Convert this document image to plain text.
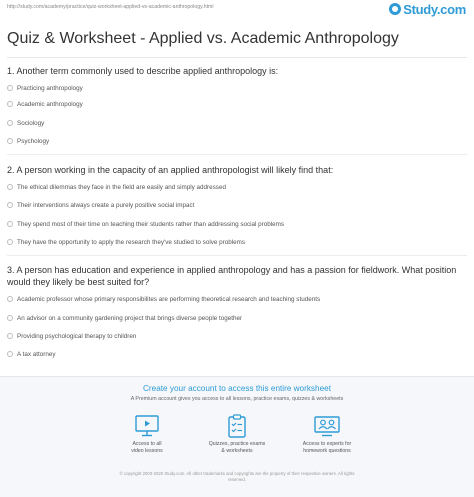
http://study.com/academy/practice/quiz-worksheet-applied-vs-academic-anthropology.html	Study.com
Quiz & Worksheet - Applied vs. Academic Anthropology
1. Another term commonly used to describe applied anthropology is:
Practicing anthropology
Academic anthropology
Sociology
Psychology
2. A person working in the capacity of an applied anthropologist will likely find that:
The ethical dilemmas they face in the field are easily and simply addressed
Their interventions always create a purely positive social impact
They spend most of their time on teaching their students rather than addressing social problems
They have the opportunity to apply the research they've studied to solve problems
3. A person has education and experience in applied anthropology and has a passion for fieldwork. What position
would they likely be best suited for?
Academic professor whose primary responsibilites are performing theoretical research and teaching students
An advisor on a community gardening project that brings diverse people together
Providing psychological therapy to children
A tax attorney
Create your account to access this entire worksheet
A Premium account gives you access to all lessons, practice exams, quizzes & worksheets
Access to all
video lessons
Quizzes, practice exams
& worksheets
Access to experts for
homework questions
© copyright 2003-2020 Study.com. All other trademarks and copyrights are the property of their respective owners. All rights
reserved.
